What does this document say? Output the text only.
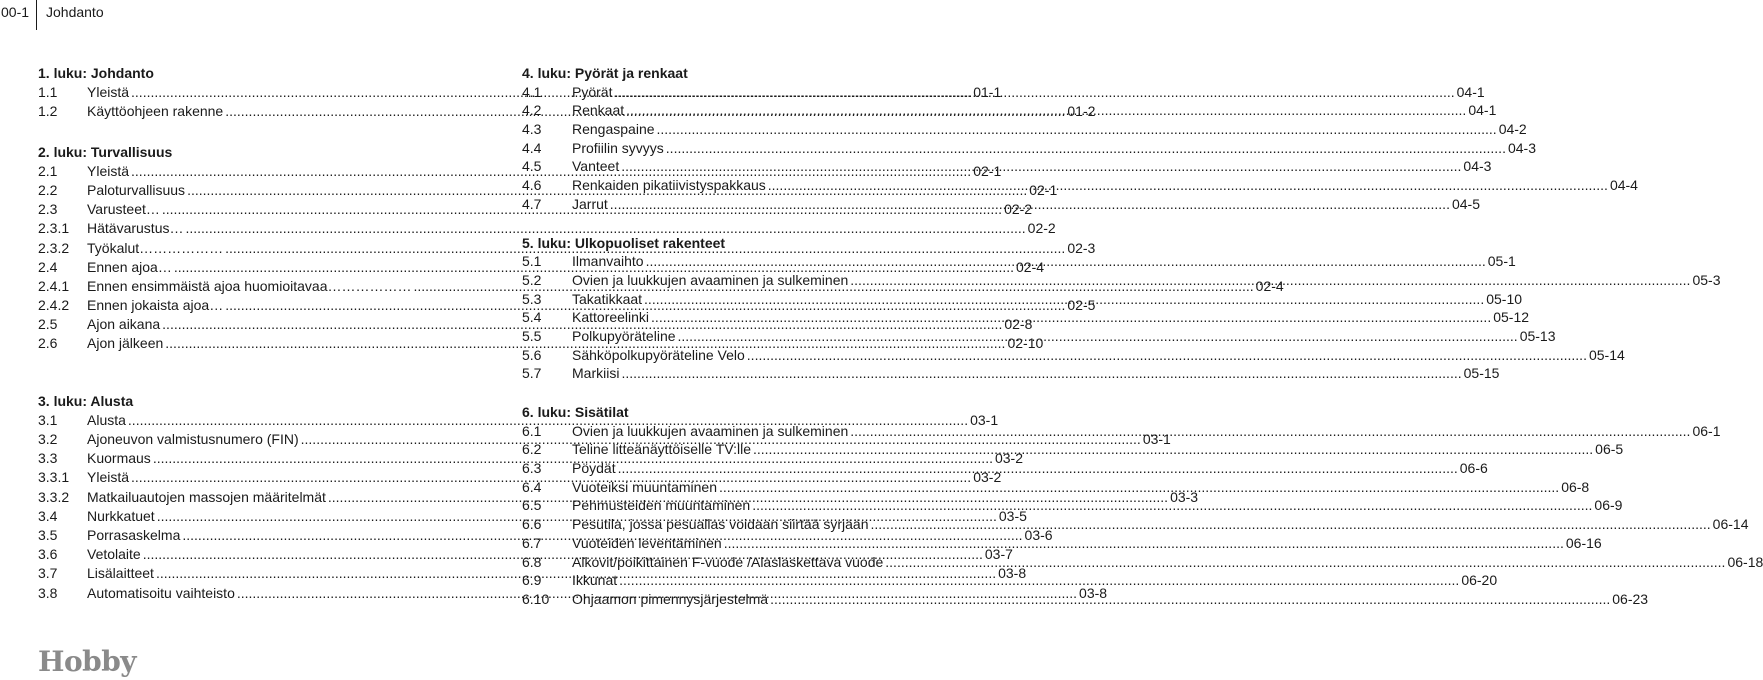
00-1 Johdanto
1. luku: Johdanto
1.1	Yleistä .....	01-1
1.2	Käyttöohjeen rakenne .....	01-2
2. luku: Turvallisuus
2.1	Yleistä .....	02-1
2.2	Paloturvallisuus .....	02-1
2.3	Varusteet… .....	02-2
2.3.1	Hätävarustus… .....	02-2
2.3.2	Työkalut……………… .....	02-3
2.4	Ennen ajoa… .....	02-4
2.4.1	Ennen ensimmäistä ajoa huomioitavaa……………… .....	02-4
2.4.2	Ennen jokaista ajoa… .....	02-5
2.5	Ajon aikana .....	02-8
2.6	Ajon jälkeen .....	02-10
3. luku: Alusta
3.1	Alusta .....	03-1
3.2	Ajoneuvon valmistusnumero (FIN) .....	03-1
3.3	Kuormaus .....	03-2
3.3.1	Yleistä .....	03-2
3.3.2	Matkailuautojen massojen määritelmät .....	03-3
3.4	Nurkkatuet .....	03-5
3.5	Porrasaskelma .....	03-6
3.6	Vetolaite .....	03-7
3.7	Lisälaitteet .....	03-8
3.8	Automatisoitu vaihteisto .....	03-8
4. luku: Pyörät ja renkaat
4.1	Pyörät .....	04-1
4.2	Renkaat .....	04-1
4.3	Rengaspaine .....	04-2
4.4	Profiilin syvyys .....	04-3
4.5	Vanteet .....	04-3
4.6	Renkaiden pikatiivistyspakkaus .....	04-4
4.7	Jarrut .....	04-5
5. luku: Ulkopuoliset rakenteet
5.1	Ilmanvaihto .....	05-1
5.2	Ovien ja luukkujen avaaminen ja sulkeminen .....	05-3
5.3	Takatikkaat .....	05-10
5.4	Kattoreelinki .....	05-12
5.5	Polkupyöräteline .....	05-13
5.6	Sähköpolkupyöräteline Velo .....	05-14
5.7	Markiisi .....	05-15
6. luku: Sisätilat
6.1	Ovien ja luukkujen avaaminen ja sulkeminen .....	06-1
6.2	Teline litteänäyttöiselle TV:lle .....	06-5
6.3	Pöydät .....	06-6
6.4	Vuoteiksi muuntaminen .....	06-8
6.5	Pehmusteiden muuntaminen .....	06-9
6.6	Pesutila, jossa pesuallas voidaan siirtää syrjään .....	06-14
6.7	Vuoteiden leventäminen .....	06-16
6.8	Alkovit/poikittainen F-vuode /Alaslaskettava vuode .....	06-18
6.9	Ikkunat .....	06-20
6.10	Ohjaamon pimennysjärjestelmä .....	06-23
Hobby
